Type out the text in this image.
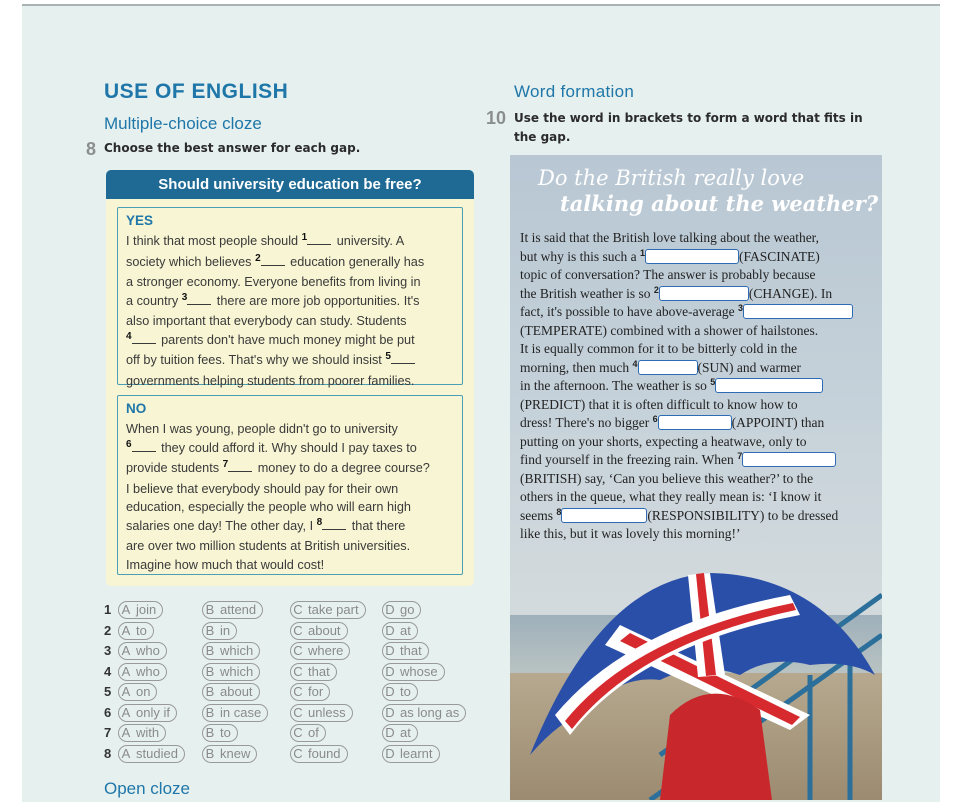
USE OF ENGLISH
Multiple-choice cloze
8 Choose the best answer for each gap.
Should university education be free?
YES
I think that most people should $^1$ university. A
society which believes $^2$ education generally has
a stronger economy. Everyone benefits from living in
a country $^3$ there are more job opportunities. It's
also important that everybody can study. Students
$^4$ parents don't have much money might be put
off by tuition fees. That's why we should insist $^5$
governments helping students from poorer families.
NO
When I was young, people didn't go to university
$^6$ they could afford it. Why should I pay taxes to
provide students $^7$ money to do a degree course?
I believe that everybody should pay for their own
education, especially the people who will earn high
salaries one day! The other day, I $^8$ that there
are over two million students at British universities.
Imagine how much that would cost!
1 A join	B attend	C take part	D go
2 A to	B in	C about	D at
3 A who	B which	C where	D that
4 A who	B which	C that	D whose
5 A on	B about	C for	D to
6 A only if	B in case	C unless	D as long as
7 A with	B to	C of	D at
8 A studied	B knew	C found	D learnt
Open cloze
Word formation
10 Use the word in brackets to form a word that fits in
the gap.
Do the British really love
talking about the weather?
It is said that the British love talking about the weather,
but why is this such a $^1$	(FASCINATE)
topic of conversation? The answer is probably because
the British weather is so $^2$	(CHANGE). In
fact, it's possible to have above-average $^3$
(TEMPERATE) combined with a shower of hailstones.
It is equally common for it to be bitterly cold in the
morning, then much $^4$	(SUN) and warmer
in the afternoon. The weather is so $^5$
(PREDICT) that it is often difficult to know how to
dress! There's no bigger $^6$	(APPOINT) than
putting on your shorts, expecting a heatwave, only to
find yourself in the freezing rain. When $^7$
(BRITISH) say, ‘Can you believe this weather?’ to the
others in the queue, what they really mean is: ‘I know it
seems $^8$	(RESPONSIBILITY) to be dressed
like this, but it was lovely this morning!’
